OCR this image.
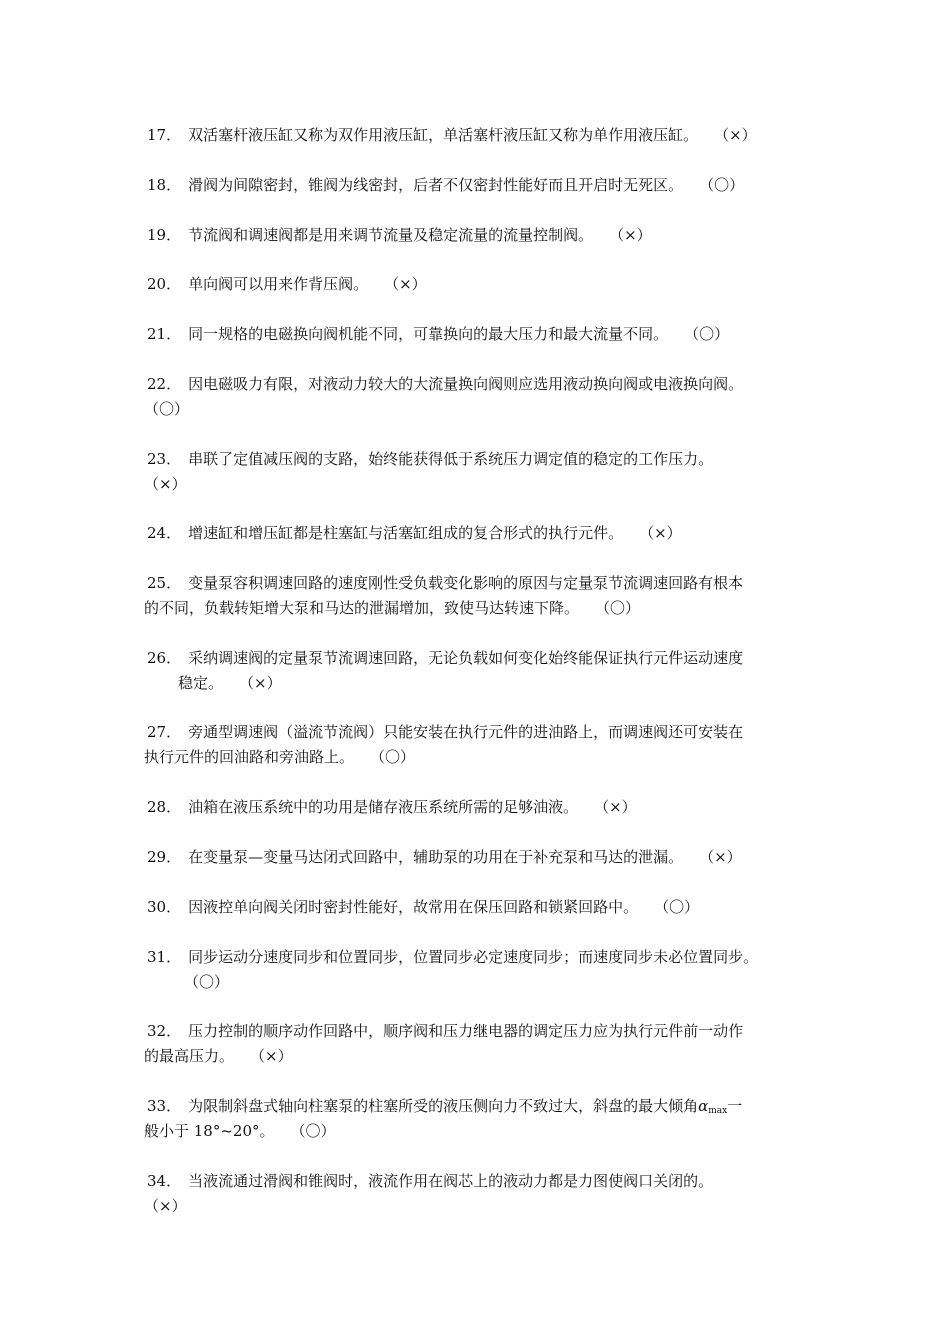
17． 双活塞杆液压缸又称为双作用液压缸，单活塞杆液压缸又称为单作用液压缸。 （×）
18． 滑阀为间隙密封，锥阀为线密封，后者不仅密封性能好而且开启时无死区。 （〇）
19． 节流阀和调速阀都是用来调节流量及稳定流量的流量控制阀。 （×）
20． 单向阀可以用来作背压阀。 （×）
21． 同一规格的电磁换向阀机能不同，可靠换向的最大压力和最大流量不同。 （〇）
22． 因电磁吸力有限，对液动力较大的大流量换向阀则应选用液动换向阀或电液换向阀。
（〇）
23． 串联了定值减压阀的支路，始终能获得低于系统压力调定值的稳定的工作压力。
（×）
24． 增速缸和增压缸都是柱塞缸与活塞缸组成的复合形式的执行元件。 （×）
25． 变量泵容积调速回路的速度刚性受负载变化影响的原因与定量泵节流调速回路有根本
的不同，负载转矩增大泵和马达的泄漏增加，致使马达转速下降。 （〇）
26． 采纳调速阀的定量泵节流调速回路，无论负载如何变化始终能保证执行元件运动速度
稳定。 （×）
27． 旁通型调速阀（溢流节流阀）只能安装在执行元件的进油路上，而调速阀还可安装在
执行元件的回油路和旁油路上。 （〇）
28． 油箱在液压系统中的功用是储存液压系统所需的足够油液。 （×）
29． 在变量泵—变量马达闭式回路中，辅助泵的功用在于补充泵和马达的泄漏。 （×）
30． 因液控单向阀关闭时密封性能好，故常用在保压回路和锁紧回路中。 （〇）
31． 同步运动分速度同步和位置同步，位置同步必定速度同步；而速度同步未必位置同步。
（〇）
32． 压力控制的顺序动作回路中，顺序阀和压力继电器的调定压力应为执行元件前一动作
的最高压力。 （×）
33． 为限制斜盘式轴向柱塞泵的柱塞所受的液压侧向力不致过大，斜盘的最大倾角$\alpha_{max}$一
般小于 18°~20°。 （〇）
34． 当液流通过滑阀和锥阀时，液流作用在阀芯上的液动力都是力图使阀口关闭的。
（×）
